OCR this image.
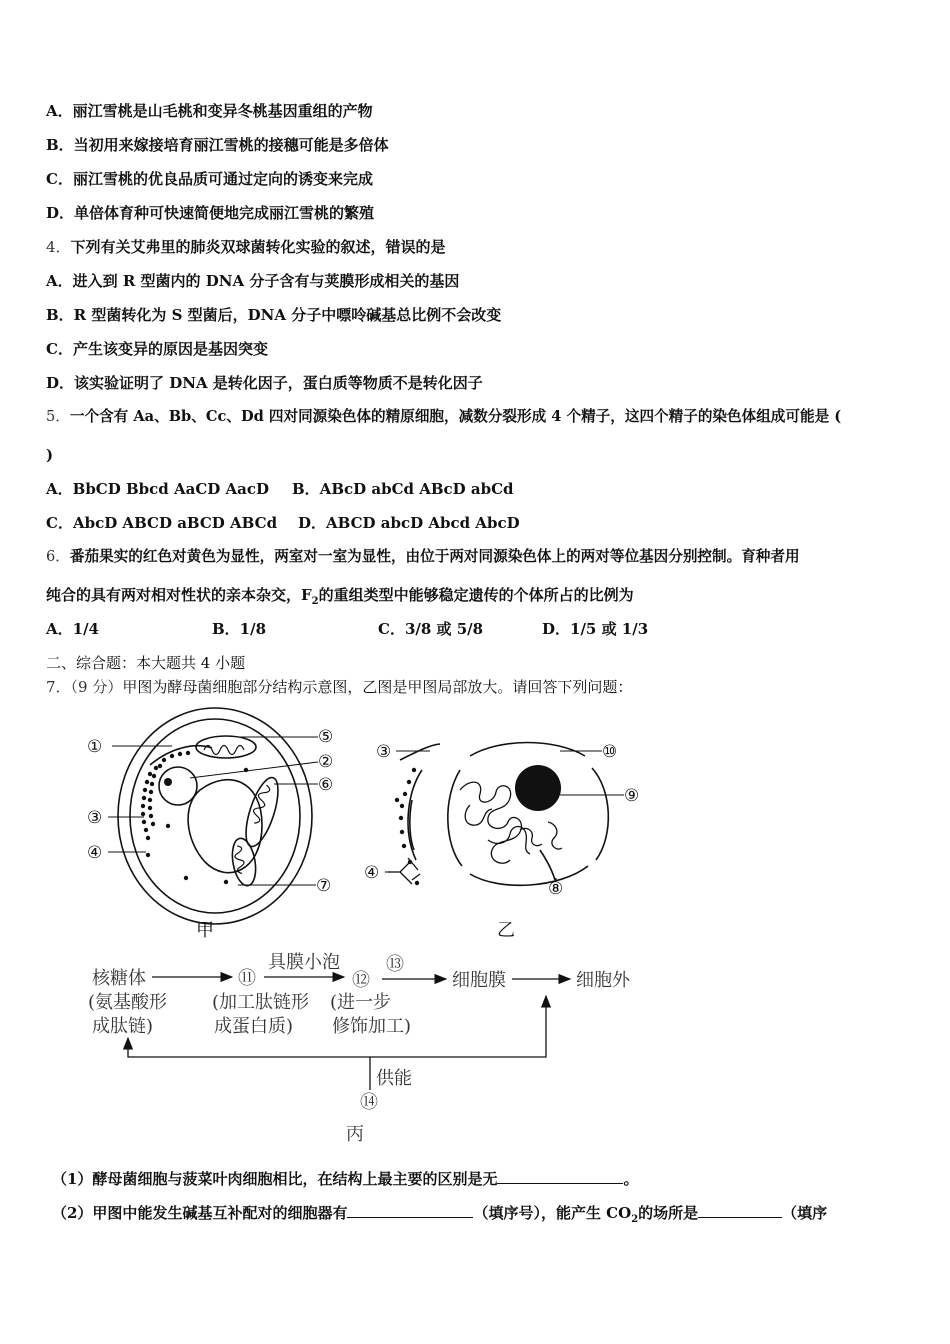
A．丽江雪桃是山毛桃和变异冬桃基因重组的产物
B．当初用来嫁接培育丽江雪桃的接穗可能是多倍体
C．丽江雪桃的优良品质可通过定向的诱变来完成
D．单倍体育种可快速简便地完成丽江雪桃的繁殖
4．下列有关艾弗里的肺炎双球菌转化实验的叙述，错误的是
A．进入到 R 型菌内的 DNA 分子含有与荚膜形成相关的基因
B．R 型菌转化为 S 型菌后，DNA 分子中嘌呤碱基总比例不会改变
C．产生该变异的原因是基因突变
D．该实验证明了 DNA 是转化因子，蛋白质等物质不是转化因子
5．一个含有 Aa、Bb、Cc、Dd 四对同源染色体的精原细胞，减数分裂形成 4 个精子，这四个精子的染色体组成可能是 (
)
A．BbCD Bbcd AaCD AacD B．ABcD abCd ABcD abCd
C．AbcD ABCD aBCD ABCd D．ABCD abcD Abcd AbcD
6．番茄果实的红色对黄色为显性，两室对一室为显性，由位于两对同源染色体上的两对等位基因分别控制。育种者用
纯合的具有两对相对性状的亲本杂交，$F_2$的重组类型中能够稳定遗传的个体所占的比例为
A．1/4	B．1/8	C．3/8 或 5/8	D．1/5 或 1/3
二、综合题：本大题共 4 小题
7．（9 分）甲图为酵母菌细胞部分结构示意图，乙图是甲图局部放大。请回答下列问题：
①	⑤
②
⑥
③
④
⑦
甲
③	⑩
⑨
④
⑧
乙
核糖体
(氨基酸形
成肽链)
⑪
(加工肽链形
成蛋白质)
具膜小泡
⑫
⑬
(进一步
修饰加工)
细胞膜	细胞外
供能
⑭
丙
（1）酵母菌细胞与菠菜叶肉细胞相比，在结构上最主要的区别是无	。
（2）甲图中能发生碱基互补配对的细胞器有	（填序号），能产生 $CO_2$的场所是	（填序
